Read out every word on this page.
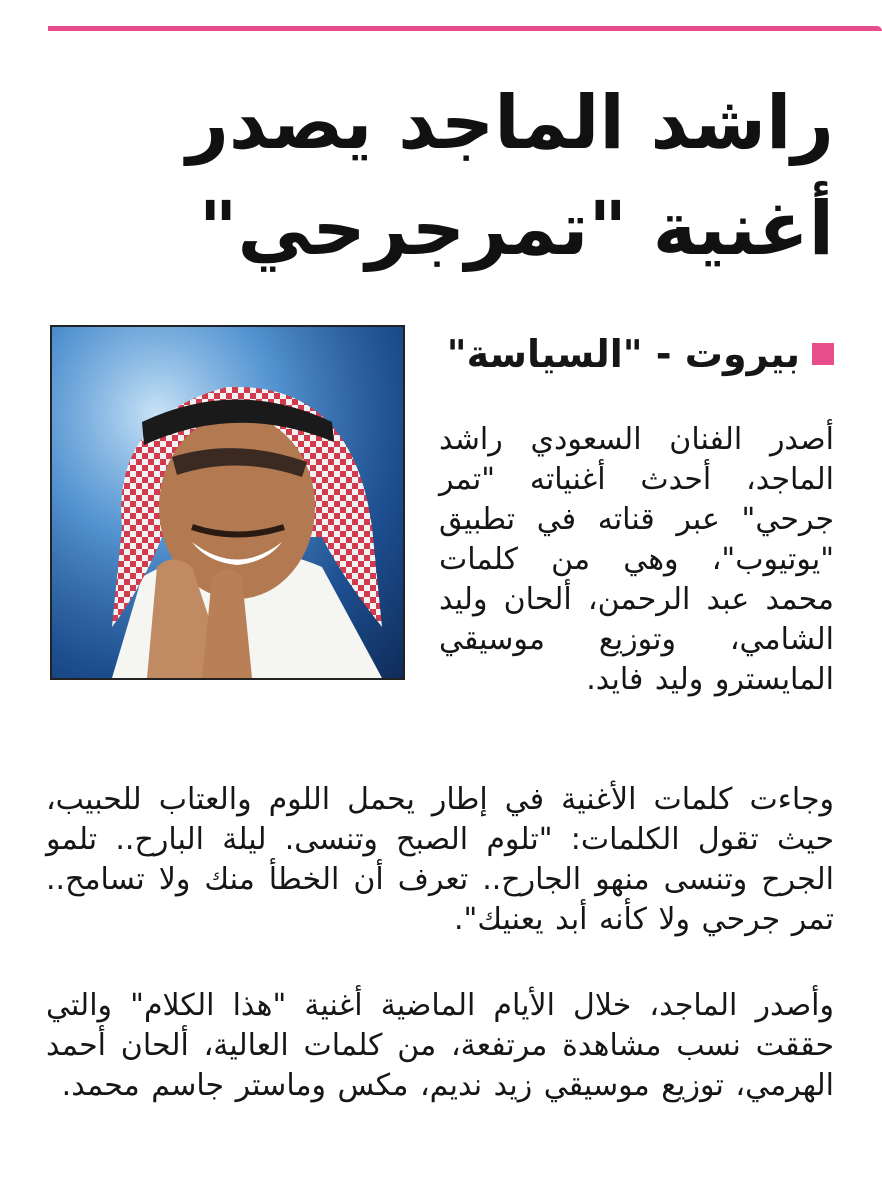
راشد الماجد يصدر
أغنية "تمرجرحي"
بيروت - "السياسة"

أصدر الفنان السعودي راشد الماجد، أحدث أغنياته "تمر جرحي" عبر قناته في تطبيق "يوتيوب"، وهي من كلمات محمد عبد الرحمن، ألحان وليد الشامي، وتوزيع موسيقي المايسترو وليد فايد.

وجاءت كلمات الأغنية في إطار يحمل اللوم والعتاب للحبيب، حيث تقول الكلمات: "تلوم الصبح وتنسى. ليلة البارح.. تلمو الجرح وتنسى منهو الجارح.. تعرف أن الخطأ منك ولا تسامح.. تمر جرحي ولا كأنه أبد يعنيك".

وأصدر الماجد، خلال الأيام الماضية أغنية "هذا الكلام" والتي حققت نسب مشاهدة مرتفعة، من كلمات العالية، ألحان أحمد الهرمي، توزيع موسيقي زيد نديم، مكس وماستر جاسم محمد.
